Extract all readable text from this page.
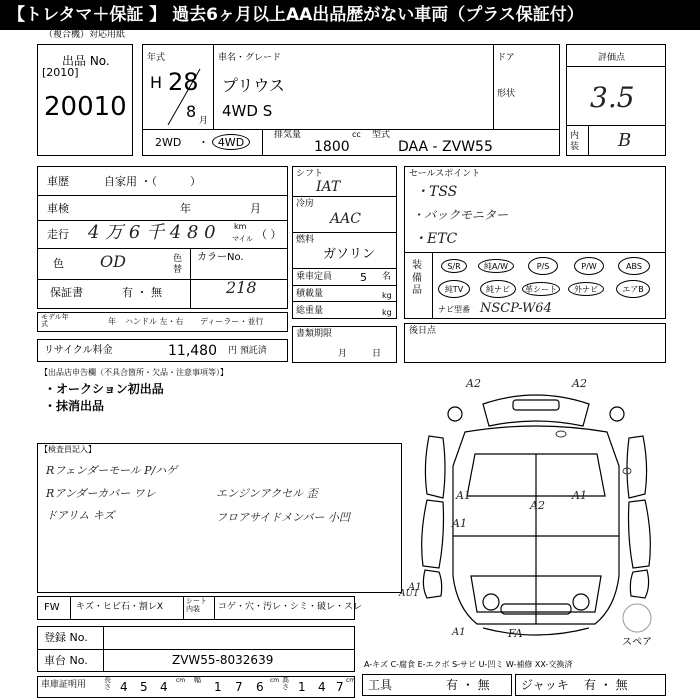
【トレタマ＋保証 】 過去6ヶ月以上AA出品歴がない車両（プラス保証付）
（複合機）対応用紙
出品 No.
[2010]
20010
年式
H 28
8 月
車名・グレード
プリウス
4WD S
ドア
形状
2WD ・ 4WD
排気量	cc
1800
型式
DAA - ZVW55
評価点
3.5
内装 B
車歴	自家用 ・（　　　）
車検	年	月
走行 4 万 6 千 4 8 0 km
マイル （ ）
色 OD	色替
カラーNo.
218
保証書	有 ・ 無
モデル年式	年 ハンドル 左・右 ディーラー・並行
リサイクル料金	11,480 円 預託済
シフト
IAT
冷房
AAC
燃料
ガソリン
乗車定員	5 名
積載量	kg
総重量	kg
書類期限
月	日
セールスポイント
・TSS
・バックモニター
・ETC
装備品
S/R	純A/W	P/S	P/W	ABS
純TV	純ナビ	革シート	外ナビ	エアB
ナビ型番 NSCP-W64
後日点
【出品店申告欄（不具合箇所・欠品・注意事項等）】
・オークション初出品
・抹消出品
【検査員記入】
Rフェンダーモール P/ハゲ
Rアンダーカバー ワレ
ドアリム キズ
エンジンアクセル 歪
フロアサイドメンバー 小凹
FW キズ・ヒビ石・割レX
シート内装	コゲ・穴・汚レ・シミ・破レ・スレ
登録 No.
車台 No.	ZVW55-8032639
車庫証明用	長さ 4 5 4 cm 幅 1 7 6 cm 高さ 1 4 7 cm
A2	A2
A1
A2
A1
A1
A1
A1
AU1
FA
スペア
A-キズ C-腐食 E-エクボ S-サビ U-凹ミ W-補修 XX-交換済
工具	有 ・ 無	ジャッキ 有 ・ 無
